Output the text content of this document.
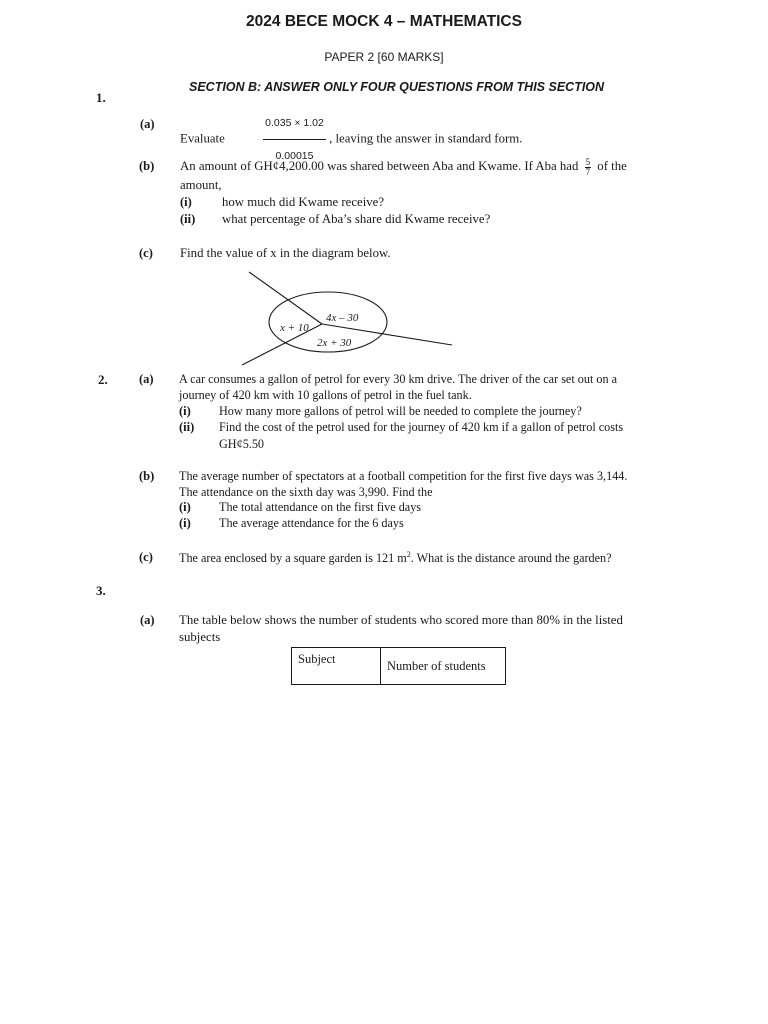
2024 BECE MOCK 4 – MATHEMATICS
PAPER 2 [60 MARKS]
SECTION B: ANSWER ONLY FOUR QUESTIONS FROM THIS SECTION
1.
(a)
Evaluate	$\frac{0.035 \times 1.02}{0.00015}$ , leaving the answer in standard form.
(b) An amount of GH¢4,200.00 was shared between Aba and Kwame. If Aba had $\frac{5}{7}$ of the
amount,
(i) how much did Kwame receive?
(ii) what percentage of Aba’s share did Kwame receive?
(c) Find the value of x in the diagram below.
x + 10
4x – 30
2x + 30
2.	(a) A car consumes a gallon of petrol for every 30 km drive. The driver of the car set out on a
journey of 420 km with 10 gallons of petrol in the fuel tank.
(i) How many more gallons of petrol will be needed to complete the journey?
(ii) Find the cost of the petrol used for the journey of 420 km if a gallon of petrol costs
GH¢5.50
(b) The average number of spectators at a football competition for the first five days was 3,144.
The attendance on the sixth day was 3,990. Find the
(i) The total attendance on the first five days
(i) The average attendance for the 6 days
(c) The area enclosed by a square garden is 121 $m^2$. What is the distance around the garden?
3.
(a) The table below shows the number of students who scored more than 80% in the listed
subjects
Subject	Number of students
